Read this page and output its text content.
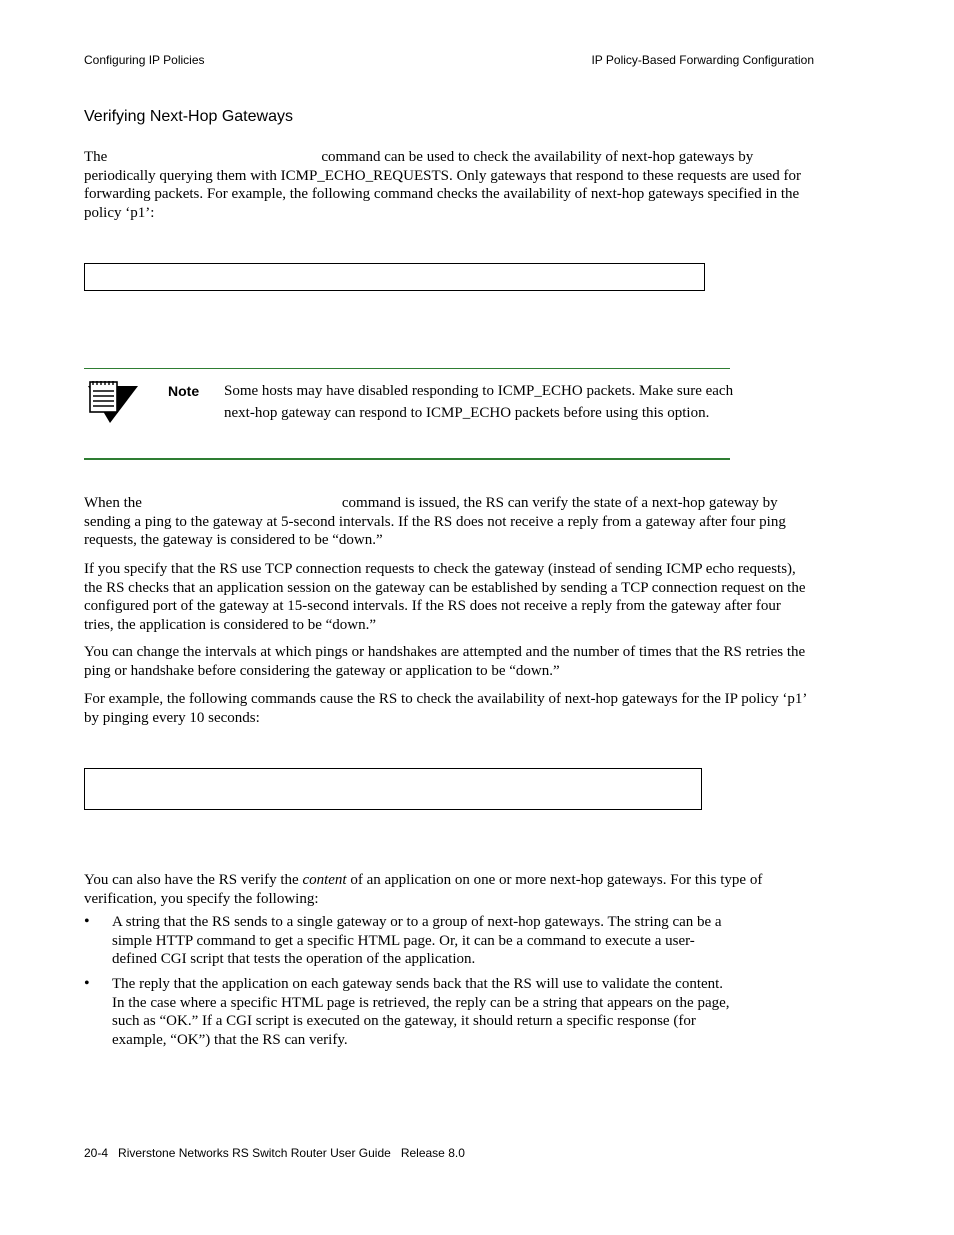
Configuring IP Policies	IP Policy-Based Forwarding Configuration
Verifying Next-Hop Gateways

The	command can be used to check the availability of next-hop gateways by periodically querying them with ICMP_ECHO_REQUESTS. Only gateways that respond to these requests are used for forwarding packets. For example, the following command checks the availability of next-hop gateways specified in the policy ‘p1’:

Note Some hosts may have disabled responding to ICMP_ECHO packets. Make sure each next-hop gateway can respond to ICMP_ECHO packets before using this option.

When the	command is issued, the RS can verify the state of a next-hop gateway by sending a ping to the gateway at 5-second intervals. If the RS does not receive a reply from a gateway after four ping requests, the gateway is considered to be “down.”

If you specify that the RS use TCP connection requests to check the gateway (instead of sending ICMP echo requests), the RS checks that an application session on the gateway can be established by sending a TCP connection request on the configured port of the gateway at 15-second intervals. If the RS does not receive a reply from the gateway after four tries, the application is considered to be “down.”

You can change the intervals at which pings or handshakes are attempted and the number of times that the RS retries the ping or handshake before considering the gateway or application to be “down.”

For example, the following commands cause the RS to check the availability of next-hop gateways for the IP policy ‘p1’ by pinging every 10 seconds:

You can also have the RS verify the content of an application on one or more next-hop gateways. For this type of verification, you specify the following:

• A string that the RS sends to a single gateway or to a group of next-hop gateways. The string can be a simple HTTP command to get a specific HTML page. Or, it can be a command to execute a user-defined CGI script that tests the operation of the application.

• The reply that the application on each gateway sends back that the RS will use to validate the content. In the case where a specific HTML page is retrieved, the reply can be a string that appears on the page, such as “OK.” If a CGI script is executed on the gateway, it should return a specific response (for example, “OK”) that the RS can verify.

20-4 Riverstone Networks RS Switch Router User Guide Release 8.0
